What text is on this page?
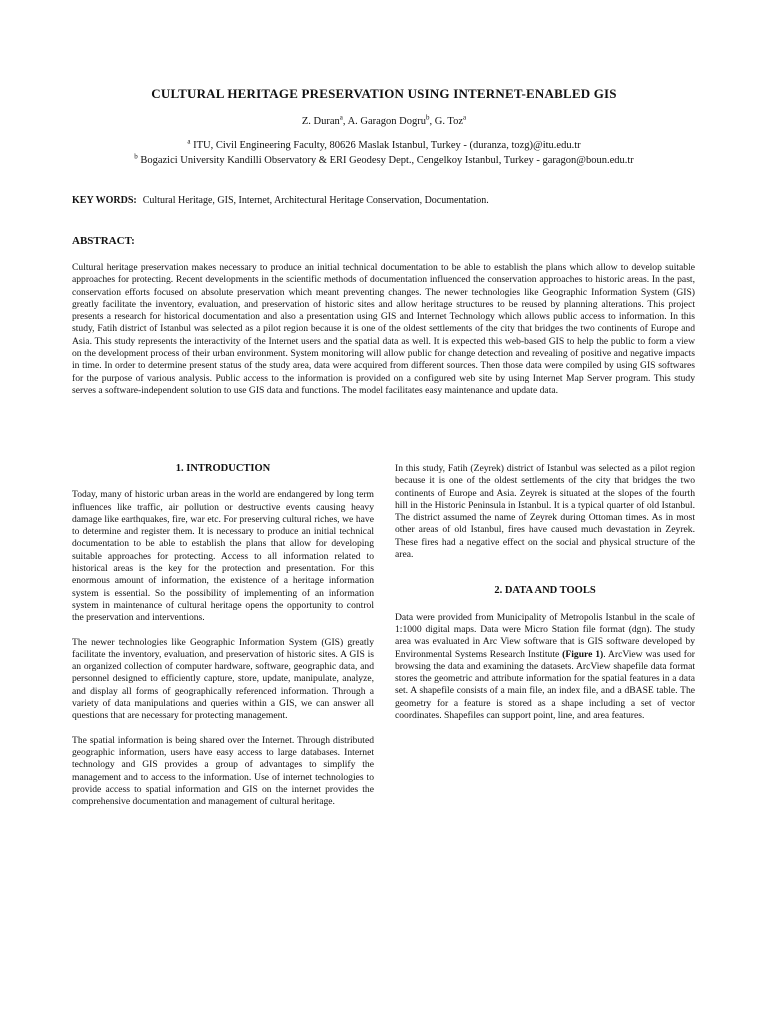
CULTURAL HERITAGE PRESERVATION USING INTERNET-ENABLED GIS
Z. Duran$^a$, A. Garagon Dogru$^b$, G. Toz$^a$
$^a$ ITU, Civil Engineering Faculty, 80626 Maslak Istanbul, Turkey - (duranza, tozg)@itu.edu.tr
$^b$ Bogazici University Kandilli Observatory & ERI Geodesy Dept., Cengelkoy Istanbul, Turkey - garagon@boun.edu.tr
KEY WORDS: Cultural Heritage, GIS, Internet, Architectural Heritage Conservation, Documentation.
ABSTRACT:
Cultural heritage preservation makes necessary to produce an initial technical documentation to be able to establish the plans which allow to develop suitable approaches for protecting. Recent developments in the scientific methods of documentation influenced the conservation approaches to historic areas. In the past, conservation efforts focused on absolute preservation which meant preventing changes. The newer technologies like Geographic Information System (GIS) greatly facilitate the inventory, evaluation, and preservation of historic sites and allow heritage structures to be reused by planning alterations. This project presents a research for historical documentation and also a presentation using GIS and Internet Technology which allows public access to information. In this study, Fatih district of Istanbul was selected as a pilot region because it is one of the oldest settlements of the city that bridges the two continents of Europe and Asia. This study represents the interactivity of the Internet users and the spatial data as well. It is expected this web-based GIS to help the public to form a view on the development process of their urban environment. System monitoring will allow public for change detection and revealing of positive and negative impacts in time. In order to determine present status of the study area, data were acquired from different sources. Then those data were compiled by using GIS softwares for the purpose of various analysis. Public access to the information is provided on a configured web site by using Internet Map Server program. This study serves a software-independent solution to use GIS data and functions. The model facilitates easy maintenance and update data.
1. INTRODUCTION

Today, many of historic urban areas in the world are endangered by long term influences like traffic, air pollution or destructive events causing heavy damage like earthquakes, fire, war etc. For preserving cultural riches, we have to determine and register them. It is necessary to produce an initial technical documentation to be able to establish the plans that allow for developing suitable approaches for protecting. Access to all information related to historical areas is the key for the protection and presentation. For this enormous amount of information, the existence of a heritage information system is essential. So the possibility of implementing of an information system in maintenance of cultural heritage opens the opportunity to control the preservation and interventions.

The newer technologies like Geographic Information System (GIS) greatly facilitate the inventory, evaluation, and preservation of historic sites. A GIS is an organized collection of computer hardware, software, geographic data, and personnel designed to efficiently capture, store, update, manipulate, analyze, and display all forms of geographically referenced information. Through a variety of data manipulations and queries within a GIS, we can answer all questions that are necessary for protecting management.

The spatial information is being shared over the Internet. Through distributed geographic information, users have easy access to large databases. Internet technology and GIS provides a group of advantages to simplify the management and to access to the information. Use of internet technologies to provide access to spatial information and GIS on the internet provides the comprehensive documentation and management of cultural heritage.

In this study, Fatih (Zeyrek) district of Istanbul was selected as a pilot region because it is one of the oldest settlements of the city that bridges the two continents of Europe and Asia. Zeyrek is situated at the slopes of the fourth hill in the Historic Peninsula in Istanbul. It is a typical quarter of old Istanbul. The district assumed the name of Zeyrek during Ottoman times. As in most other areas of old Istanbul, fires have caused much devastation in Zeyrek. These fires had a negative effect on the social and physical structure of the area.

2. DATA AND TOOLS

Data were provided from Municipality of Metropolis Istanbul in the scale of 1:1000 digital maps. Data were Micro Station file format (dgn). The study area was evaluated in Arc View software that is GIS software developed by Environmental Systems Research Institute (Figure 1). ArcView was used for browsing the data and examining the datasets. ArcView shapefile data format stores the geometric and attribute information for the spatial features in a data set. A shapefile consists of a main file, an index file, and a dBASE table. The geometry for a feature is stored as a shape including a set of vector coordinates. Shapefiles can support point, line, and area features.
